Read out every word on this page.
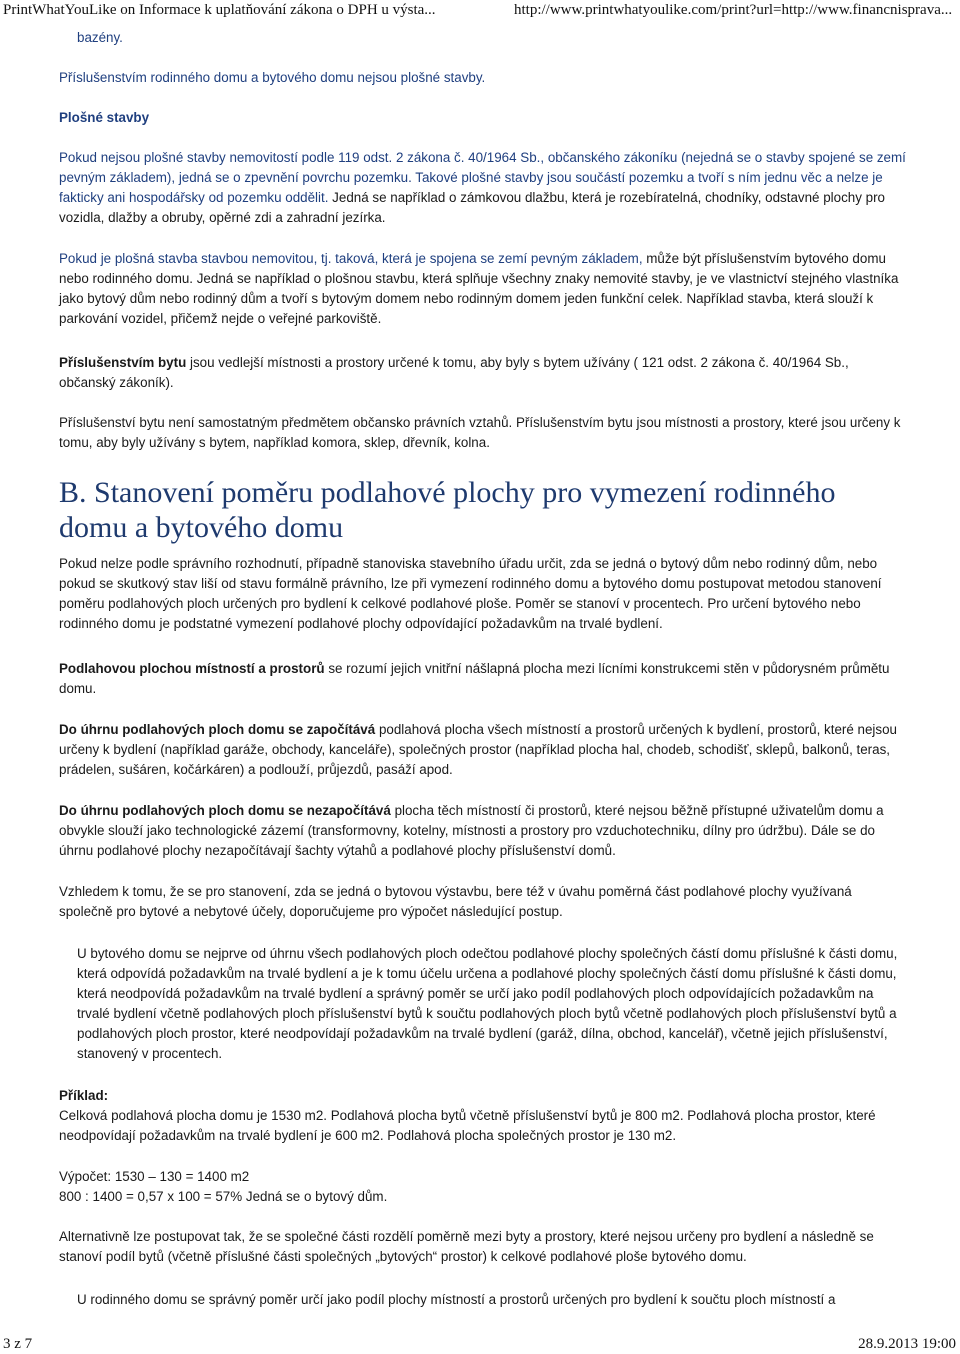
PrintWhatYouLike on Informace k uplatňování zákona o DPH u výsta...	http://www.printwhatyoulike.com/print?url=http://www.financnisprava...

bazény.

Příslušenstvím rodinného domu a bytového domu nejsou plošné stavby.

Plošné stavby

Pokud nejsou plošné stavby nemovitostí podle 119 odst. 2 zákona č. 40/1964 Sb., občanského zákoníku (nejedná se o stavby spojené se zemí pevným základem), jedná se o zpevnění povrchu pozemku. Takové plošné stavby jsou součástí pozemku a tvoří s ním jednu věc a nelze je fakticky ani hospodářsky od pozemku oddělit. Jedná se například o zámkovou dlažbu, která je rozebíratelná, chodníky, odstavné plochy pro vozidla, dlažby a obruby, opěrné zdi a zahradní jezírka.

Pokud je plošná stavba stavbou nemovitou, tj. taková, která je spojena se zemí pevným základem, může být příslušenstvím bytového domu nebo rodinného domu. Jedná se například o plošnou stavbu, která splňuje všechny znaky nemovité stavby, je ve vlastnictví stejného vlastníka jako bytový dům nebo rodinný dům a tvoří s bytovým domem nebo rodinným domem jeden funkční celek. Například stavba, která slouží k parkování vozidel, přičemž nejde o veřejné parkoviště.

Příslušenstvím bytu jsou vedlejší místnosti a prostory určené k tomu, aby byly s bytem užívány ( 121 odst. 2 zákona č. 40/1964 Sb., občanský zákoník).

Příslušenství bytu není samostatným předmětem občansko právních vztahů. Příslušenstvím bytu jsou místnosti a prostory, které jsou určeny k tomu, aby byly užívány s bytem, například komora, sklep, dřevník, kolna.

B. Stanovení poměru podlahové plochy pro vymezení rodinného domu a bytového domu

Pokud nelze podle správního rozhodnutí, případně stanoviska stavebního úřadu určit, zda se jedná o bytový dům nebo rodinný dům, nebo pokud se skutkový stav liší od stavu formálně právního, lze při vymezení rodinného domu a bytového domu postupovat metodou stanovení poměru podlahových ploch určených pro bydlení k celkové podlahové ploše. Poměr se stanoví v procentech. Pro určení bytového nebo rodinného domu je podstatné vymezení podlahové plochy odpovídající požadavkům na trvalé bydlení.

Podlahovou plochou místností a prostorů se rozumí jejich vnitřní nášlapná plocha mezi lícními konstrukcemi stěn v půdorysném průmětu domu.

Do úhrnu podlahových ploch domu se započítává podlahová plocha všech místností a prostorů určených k bydlení, prostorů, které nejsou určeny k bydlení (například garáže, obchody, kanceláře), společných prostor (například plocha hal, chodeb, schodišť, sklepů, balkonů, teras, prádelen, sušáren, kočárkáren) a podlouží, průjezdů, pasáží apod.

Do úhrnu podlahových ploch domu se nezapočítává plocha těch místností či prostorů, které nejsou běžně přístupné uživatelům domu a obvykle slouží jako technologické zázemí (transformovny, kotelny, místnosti a prostory pro vzduchotechniku, dílny pro údržbu). Dále se do úhrnu podlahové plochy nezapočítávají šachty výtahů a podlahové plochy příslušenství domů.

Vzhledem k tomu, že se pro stanovení, zda se jedná o bytovou výstavbu, bere též v úvahu poměrná část podlahové plochy využívaná společně pro bytové a nebytové účely, doporučujeme pro výpočet následující postup.

U bytového domu se nejprve od úhrnu všech podlahových ploch odečtou podlahové plochy společných částí domu příslušné k části domu, která odpovídá požadavkům na trvalé bydlení a je k tomu účelu určena a podlahové plochy společných částí domu příslušné k části domu, která neodpovídá požadavkům na trvalé bydlení a správný poměr se určí jako podíl podlahových ploch odpovídajících požadavkům na trvalé bydlení včetně podlahových ploch příslušenství bytů k součtu podlahových ploch bytů včetně podlahových ploch příslušenství bytů a podlahových ploch prostor, které neodpovídají požadavkům na trvalé bydlení (garáž, dílna, obchod, kancelář), včetně jejich příslušenství, stanovený v procentech.

Příklad:
Celková podlahová plocha domu je 1530 m2. Podlahová plocha bytů včetně příslušenství bytů je 800 m2. Podlahová plocha prostor, které neodpovídají požadavkům na trvalé bydlení je 600 m2. Podlahová plocha společných prostor je 130 m2.

Výpočet: 1530 – 130 = 1400 m2
800 : 1400 = 0,57 x 100 = 57% Jedná se o bytový dům.

Alternativně lze postupovat tak, že se společné části rozdělí poměrně mezi byty a prostory, které nejsou určeny pro bydlení a následně se stanoví podíl bytů (včetně příslušné části společných „bytových“ prostor) k celkové podlahové ploše bytového domu.

U rodinného domu se správný poměr určí jako podíl plochy místností a prostorů určených pro bydlení k součtu ploch místností a

3 z 7	28.9.2013 19:00
